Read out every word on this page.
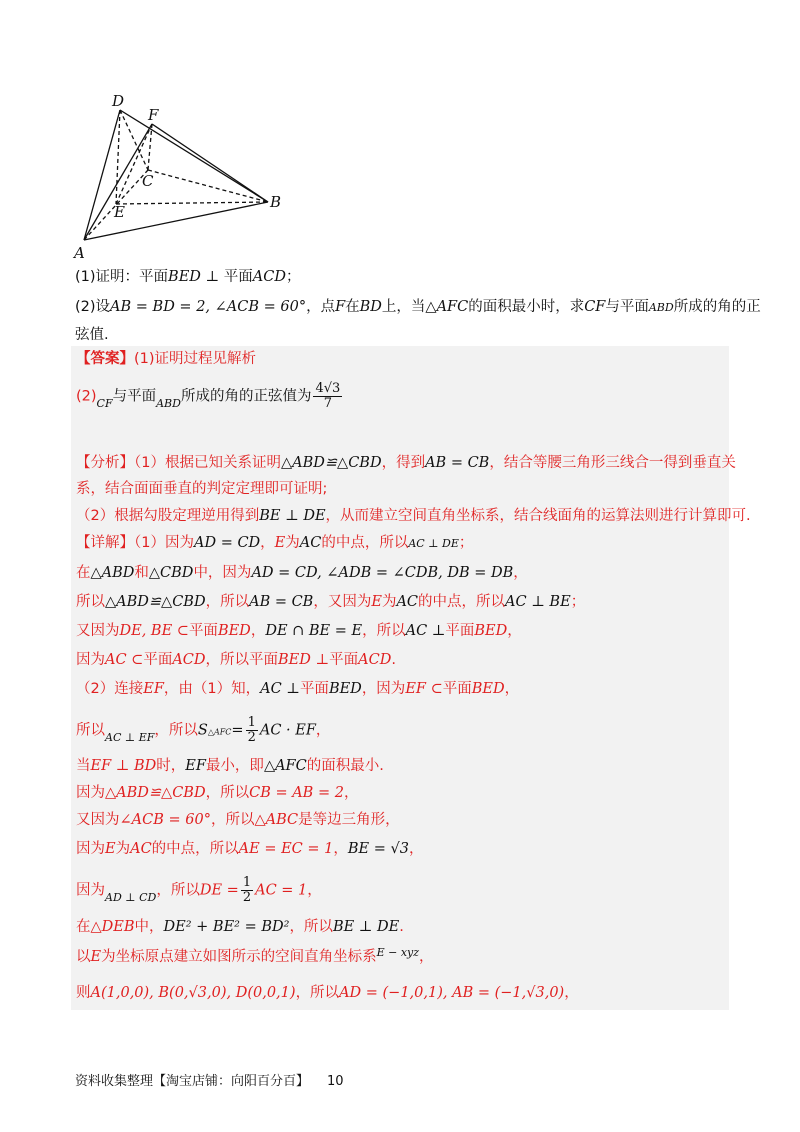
D
F
C
E
B
A
(1)证明：平面BED ⊥ 平面ACD；
(2)设AB = BD = 2, ∠ACB = 60°，点F在BD上，当△AFC的面积最小时，求CF与平面ABD所成的角的正
弦值.
【答案】(1)证明过程见解析
$(2)_{CF}$与平面$_{ABD}$所成的角的正弦值为 $\frac{4√3}{7}$
【分析】（1）根据已知关系证明△ABD≌△CBD，得到AB = CB，结合等腰三角形三线合一得到垂直关
系，结合面面垂直的判定定理即可证明;
（2）根据勾股定理逆用得到BE ⊥ DE，从而建立空间直角坐标系，结合线面角的运算法则进行计算即可.
【详解】（1）因为AD = CD，E为AC的中点，所以AC ⊥ DE；
在△ABD和△CBD中，因为AD = CD, ∠ADB = ∠CDB, DB = DB，
所以△ABD≌△CBD，所以AB = CB，又因为E为AC的中点，所以AC ⊥ BE；
又因为DE, BE ⊂平面BED，DE ∩ BE = E，所以AC ⊥平面BED，
因为AC ⊂平面ACD，所以平面BED ⊥平面ACD.
（2）连接EF，由（1）知，AC ⊥平面BED，因为EF ⊂平面BED，
所以$_{AC \perp EF}$，所以S△AFC= $\frac{1}{2}$ AC · EF，
当EF ⊥ BD时，EF最小，即△AFC的面积最小.
因为△ABD≌△CBD，所以CB = AB = 2，
又因为∠ACB = 60°，所以△ABC是等边三角形，
因为E为AC的中点，所以AE = EC = 1，BE = √3，
因为$_{AD \perp CD}$，所以DE = $\frac{1}{2}$ AC = 1，
在△DEB中，DE² + BE² = BD²，所以BE ⊥ DE.
以E为坐标原点建立如图所示的空间直角坐标系$^{E - xyz}$，
则A(1,0,0), B(0,√3,0), D(0,0,1)，所以AD = (−1,0,1), AB = (−1,√3,0)，
资料收集整理【淘宝店铺：向阳百分百】 10
